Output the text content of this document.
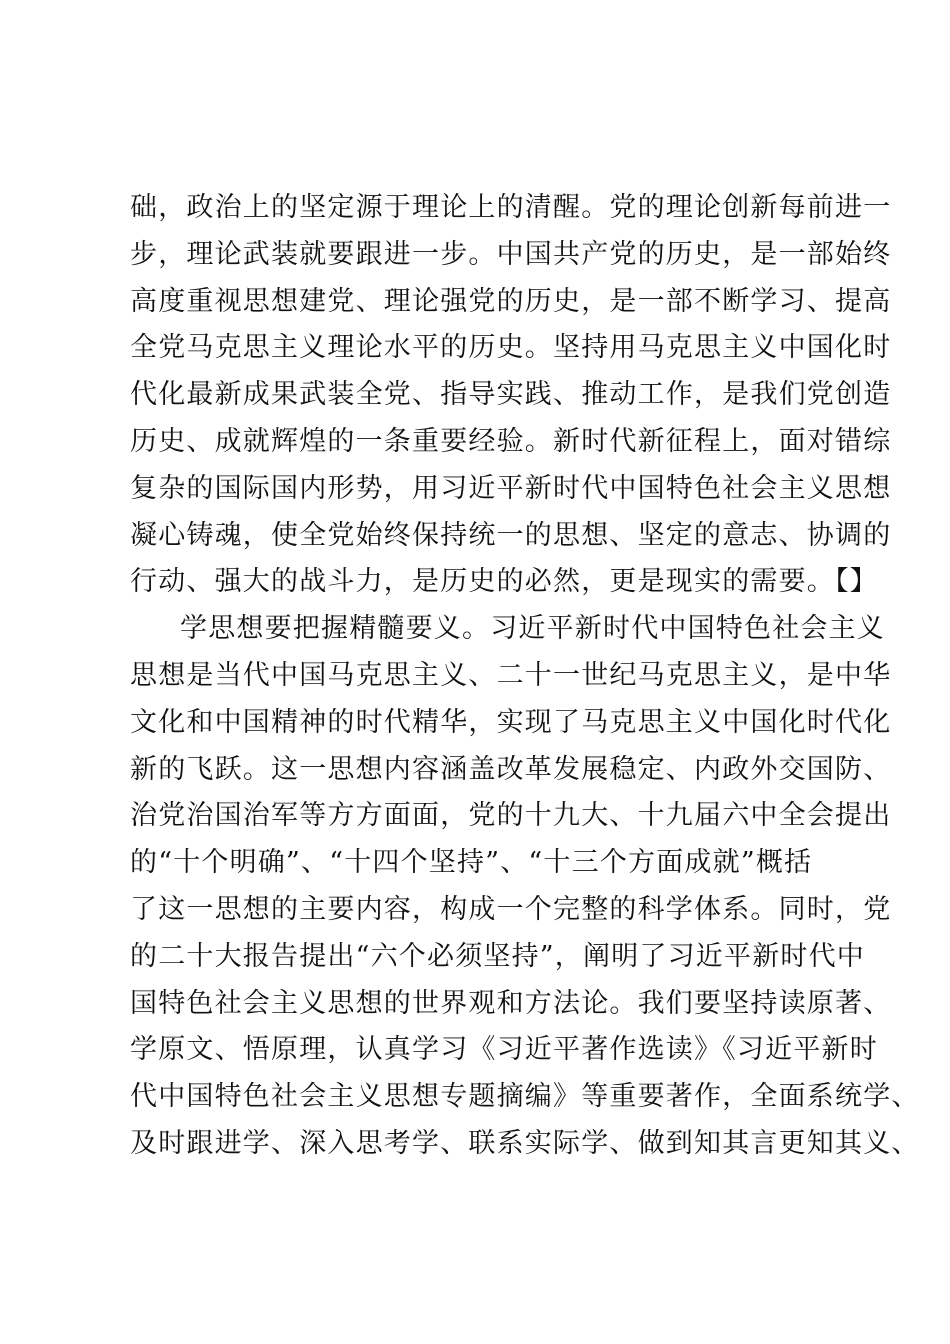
础，政治上的坚定源于理论上的清醒。党的理论创新每前进一
步，理论武装就要跟进一步。中国共产党的历史，是一部始终
高度重视思想建党、理论强党的历史，是一部不断学习、提高
全党马克思主义理论水平的历史。坚持用马克思主义中国化时
代化最新成果武装全党、指导实践、推动工作，是我们党创造
历史、成就辉煌的一条重要经验。新时代新征程上，面对错综
复杂的国际国内形势，用习近平新时代中国特色社会主义思想
凝心铸魂，使全党始终保持统一的思想、坚定的意志、协调的
行动、强大的战斗力，是历史的必然，更是现实的需要。【】
学思想要把握精髓要义。习近平新时代中国特色社会主义
思想是当代中国马克思主义、二十一世纪马克思主义，是中华
文化和中国精神的时代精华，实现了马克思主义中国化时代化
新的飞跃。这一思想内容涵盖改革发展稳定、内政外交国防、
治党治国治军等方方面面，党的十九大、十九届六中全会提出
的“十个明确”、“十四个坚持”、“十三个方面成就”概括
了这一思想的主要内容，构成一个完整的科学体系。同时，党
的二十大报告提出“六个必须坚持”，阐明了习近平新时代中
国特色社会主义思想的世界观和方法论。我们要坚持读原著、
学原文、悟原理，认真学习《习近平著作选读》《习近平新时
代中国特色社会主义思想专题摘编》等重要著作，全面系统学、
及时跟进学、深入思考学、联系实际学、做到知其言更知其义、
